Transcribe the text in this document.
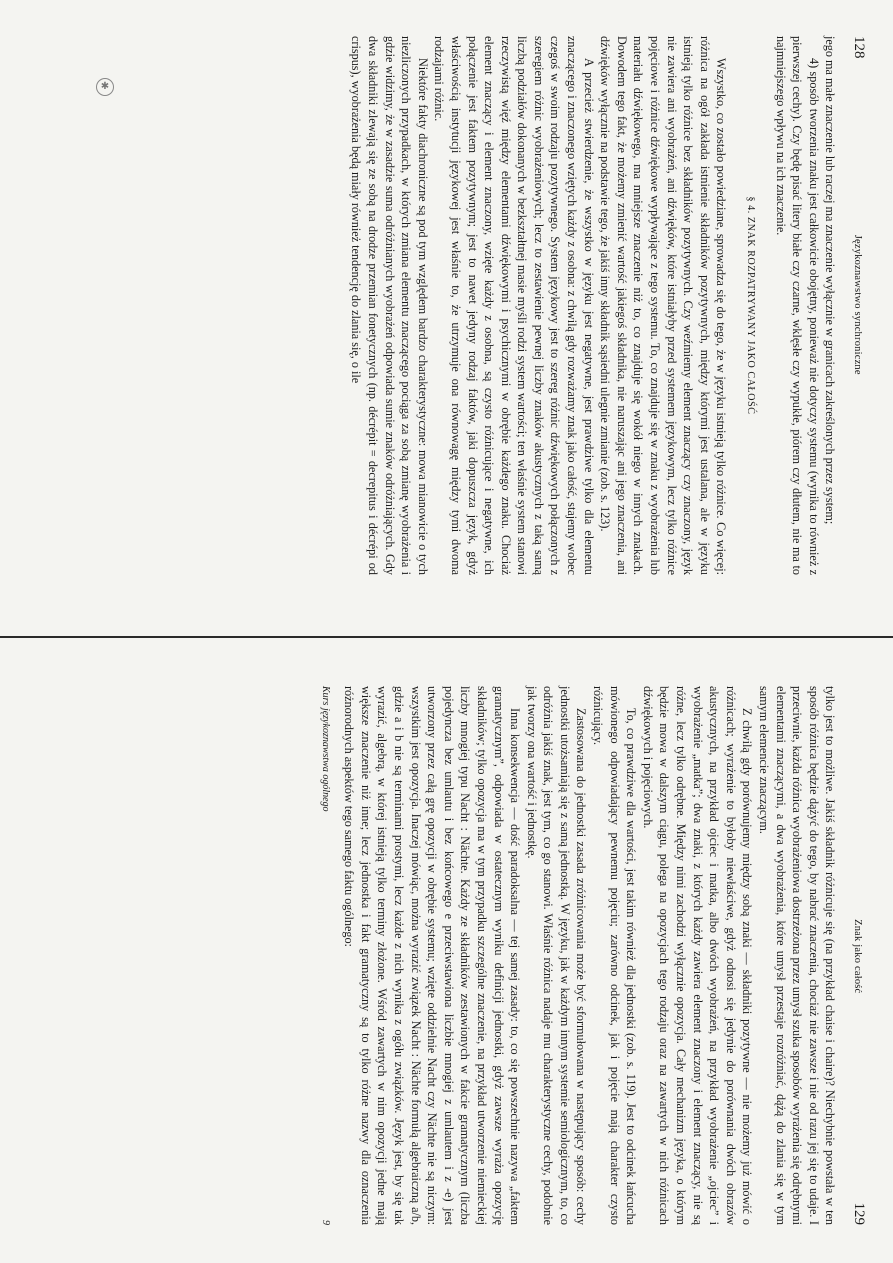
✱
128
Językoznawstwo synchroniczne

jego ma małe znaczenie lub raczej ma znaczenie wyłącznie w granicach zakreślonych przez system;

4) sposób tworzenia znaku jest całkowicie obojętny, ponieważ nie dotyczy systemu (wynika to również z pierwszej cechy). Czy będę pisać litery białe czy czarne, wklęsłe czy wypukłe, piórem czy dłutem, nie ma to najmniejszego wpływu na ich znaczenie.

§ 4. ZNAK ROZPATRYWANY JAKO CAŁOŚĆ

Wszystko, co zostało powiedziane, sprowadza się do tego, że w języku istnieją tylko różnice. Co więcej: różnica na ogół zakłada istnienie składników pozytywnych, między którymi jest ustalana, ale w języku istnieją tylko różnice bez składników pozytywnych. Czy weźmiemy element znaczący czy znaczony, język nie zawiera ani wyobrażeń, ani dźwięków, które istniałyby przed systemem językowym, lecz tylko różnice pojęciowe i różnice dźwiękowe wypływające z tego systemu. To, co znajduje się w znaku z wyobrażenia lub materiału dźwiękowego, ma mniejsze znaczenie niż to, co znajduje się wokół niego w innych znakach. Dowodem tego fakt, że możemy zmienić wartość jakiegoś składnika, nie naruszając ani jego znaczenia, ani dźwięków wyłącznie na podstawie tego, że jakiś inny składnik sąsiedni ulegnie zmianie (zob. s. 123).

A przecież stwierdzenie, że wszystko w języku jest negatywne, jest prawdziwe tylko dla elementu znaczącego i znaczonego wziętych każdy z osobna: z chwilą gdy rozważamy znak jako całość, stajemy wobec czegoś w swoim rodzaju pozytywnego. System językowy jest to szereg różnic dźwiękowych połączonych z szeregiem różnic wyobrażeniowych; lecz to zestawienie pewnej liczby znaków akustycznych z taką samą liczbą podziałów dokonanych w bezkształtnej masie myśli rodzi system wartości; ten właśnie system stanowi rzeczywistą więź między elementami dźwiękowymi i psychicznymi w obrębie każdego znaku. Chociaż element znaczący i element znaczony, wzięte każdy z osobna, są czysto różnicujące i negatywne, ich połączenie jest faktem pozytywnym; jest to nawet jedyny rodzaj faktów, jaki dopuszcza język, gdyż właściwością instytucji językowej jest właśnie to, że utrzymuje ona równowagę między tymi dwoma rodzajami różnic.

Niektóre fakty diachroniczne są pod tym względem bardzo charakterystyczne: mowa mianowicie o tych niezliczonych przypadkach, w których zmiana elementu znaczącego pociąga za sobą zmianę wyobrażenia i gdzie widzimy, że w zasadzie suma odróżnianych wyobrażeń odpowiada sumie znaków odróżniających. Gdy dwa składniki zlewają się ze sobą na drodze przemian fonetycznych (np. décrépit = decrepitus i décrépi od crispus), wyobrażenia będą miały również tendencję do zlania się, o ile

Znak jako całość
129

tylko jest to możliwe. Jakiś składnik różnicuje się (na przykład chaise i chaire)? Niechybnie powstała w ten sposób różnica będzie dążyć do tego, by nabrać znaczenia, chociaż nie zawsze i nie od razu jej się to udaje. I przeciwnie, każda różnica wyobrażeniowa dostrzeżona przez umysł szuka sposobów wyrażenia się odrębnymi elementami znaczącymi, a dwa wyobrażenia, które umysł przestaje rozróżniać, dążą do zlania się w tym samym elemencie znaczącym.

Z chwilą gdy porównujemy między sobą znaki — składniki pozytywne — nie możemy już mówić o różnicach; wyrażenie to byłoby niewłaściwe, gdyż odnosi się jedynie do porównania dwóch obrazów akustycznych, na przykład ojciec i matka, albo dwóch wyobrażeń, na przykład wyobrażenie „ojciec” i wyobrażenie „matka”; dwa znaki, z których każdy zawiera element znaczony i element znaczący, nie są różne, lecz tylko odrębne. Między nimi zachodzi wyłącznie opozycja. Cały mechanizm języka, o którym będzie mowa w dalszym ciągu, polega na opozycjach tego rodzaju oraz na zawartych w nich różnicach dźwiękowych i pojęciowych.

To, co prawdziwe dla wartości, jest takim również dla jednostki (zob. s. 119). Jest to odcinek łańcucha mówionego odpowiadający pewnemu pojęciu; zarówno odcinek, jak i pojęcie mają charakter czysto różnicujący.

Zastosowana do jednostki zasada zróżnicowania może być sformułowana w następujący sposób: cechy jednostki utożsamiają się z samą jednostką. W języku, jak w każdym innym systemie semiologicznym, to, co odróżnia jakiś znak, jest tym, co go stanowi. Właśnie różnica nadaje mu charakterystyczne cechy, podobnie jak tworzy ona wartość i jednostkę.

Inna konsekwencja — dość paradoksalna — tej samej zasady: to, co się powszechnie nazywa „faktem gramatycznym”, odpowiada w ostatecznym wyniku definicji jednostki, gdyż zawsze wyraża opozycję składników; tylko opozycja ma w tym przypadku szczególne znaczenie, na przykład utworzenie niemieckiej liczby mnogiej typu Nacht : Nächte. Każdy ze składników zestawionych w fakcie gramatycznym (liczba pojedyncza bez umlautu i bez końcowego e przeciwstawiona liczbie mnogiej z umlautem i z -e) jest utworzony przez całą grę opozycji w obrębie systemu; wzięte oddzielnie Nacht czy Nächte nie są niczym: wszystkim jest opozycja. Inaczej mówiąc, można wyrazić związek Nacht : Nächte formułą algebraiczną a/b, gdzie a i b nie są terminami prostymi, lecz każde z nich wynika z ogółu związków. Język jest, by się tak wyrazić, algebrą, w której istnieją tylko terminy złożone. Wśród zawartych w nim opozycji jedne mają większe znaczenie niż inne; lecz jednostka i fakt gramatyczny są to tylko różne nazwy dla oznaczenia różnorodnych aspektów tego samego faktu ogólnego:

Kurs językoznawstwa ogólnego
9
